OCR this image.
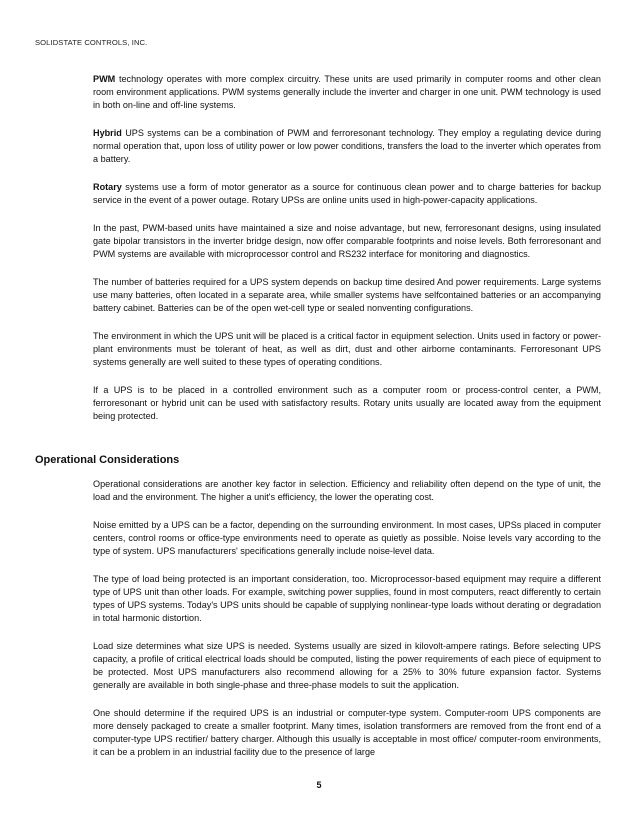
SOLIDSTATE CONTROLS, INC.

PWM technology operates with more complex circuitry. These units are used primarily in computer rooms and other clean room environment applications. PWM systems generally include the inverter and charger in one unit. PWM technology is used in both on-line and off-line systems.

Hybrid UPS systems can be a combination of PWM and ferroresonant technology. They employ a regulating device during normal operation that, upon loss of utility power or low power conditions, transfers the load to the inverter which operates from a battery.

Rotary systems use a form of motor generator as a source for continuous clean power and to charge batteries for backup service in the event of a power outage. Rotary UPSs are online units used in high-power-capacity applications.

In the past, PWM-based units have maintained a size and noise advantage, but new, ferroresonant designs, using insulated gate bipolar transistors in the inverter bridge design, now offer comparable footprints and noise levels. Both ferroresonant and PWM systems are available with microprocessor control and RS232 interface for monitoring and diagnostics.

The number of batteries required for a UPS system depends on backup time desired And power requirements. Large systems use many batteries, often located in a separate area, while smaller systems have selfcontained batteries or an accompanying battery cabinet. Batteries can be of the open wet-cell type or sealed nonventing configurations.

The environment in which the UPS unit will be placed is a critical factor in equipment selection. Units used in factory or power-plant environments must be tolerant of heat, as well as dirt, dust and other airborne contaminants. Ferroresonant UPS systems generally are well suited to these types of operating conditions.

If a UPS is to be placed in a controlled environment such as a computer room or process-control center, a PWM, ferroresonant or hybrid unit can be used with satisfactory results. Rotary units usually are located away from the equipment being protected.

Operational Considerations

Operational considerations are another key factor in selection. Efficiency and reliability often depend on the type of unit, the load and the environment. The higher a unit's efficiency, the lower the operating cost.

Noise emitted by a UPS can be a factor, depending on the surrounding environment. In most cases, UPSs placed in computer centers, control rooms or office-type environments need to operate as quietly as possible. Noise levels vary according to the type of system. UPS manufacturers' specifications generally include noise-level data.

The type of load being protected is an important consideration, too. Microprocessor-based equipment may require a different type of UPS unit than other loads. For example, switching power supplies, found in most computers, react differently to certain types of UPS systems. Today's UPS units should be capable of supplying nonlinear-type loads without derating or degradation in total harmonic distortion.

Load size determines what size UPS is needed. Systems usually are sized in kilovolt-ampere ratings. Before selecting UPS capacity, a profile of critical electrical loads should be computed, listing the power requirements of each piece of equipment to be protected. Most UPS manufacturers also recommend allowing for a 25% to 30% future expansion factor. Systems generally are available in both single-phase and three-phase models to suit the application.

One should determine if the required UPS is an industrial or computer-type system. Computer-room UPS components are more densely packaged to create a smaller footprint. Many times, isolation transformers are removed from the front end of a computer-type UPS rectifier/ battery charger. Although this usually is acceptable in most office/ computer-room environments, it can be a problem in an industrial facility due to the presence of large

5
